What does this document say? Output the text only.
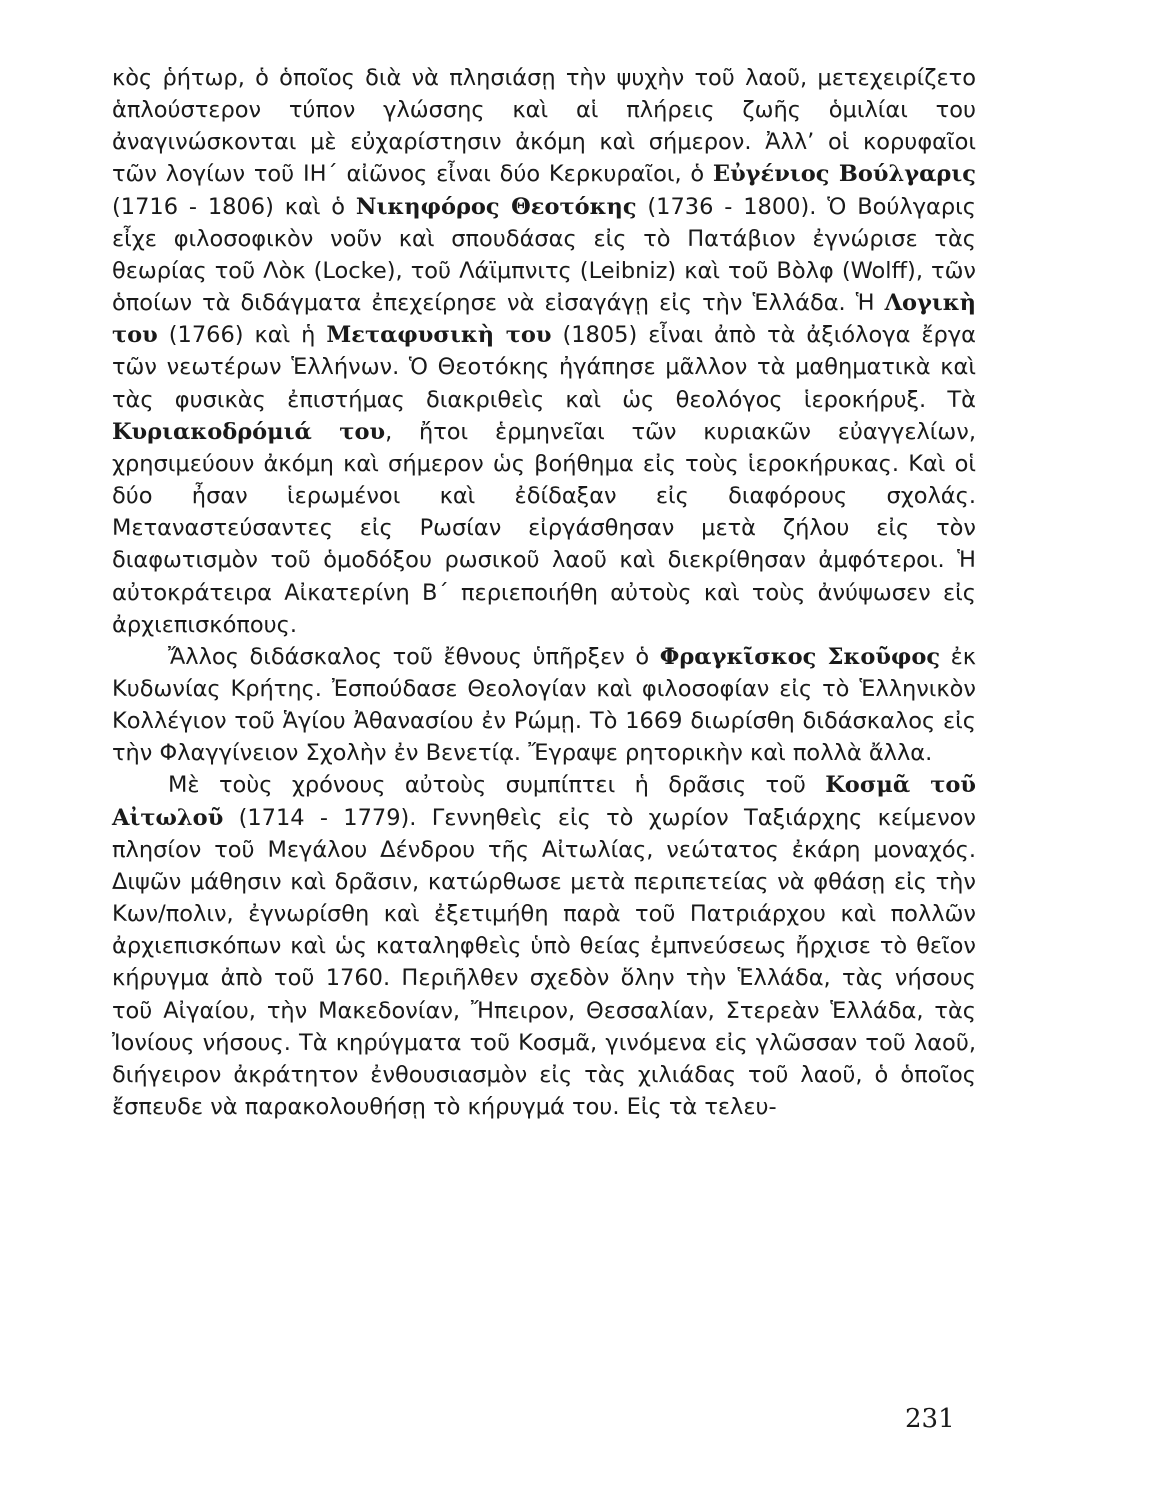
κὸς ῥήτωρ, ὁ ὁποῖος διὰ νὰ πλησιάσῃ τὴν ψυχὴν τοῦ λαοῦ, μετεχειρίζετο ἁπλούστερον τύπον γλώσσης καὶ αἱ πλήρεις ζωῆς ὁμιλίαι του ἀναγινώσκονται μὲ εὐχαρίστησιν ἀκόμη καὶ σήμερον. Ἀλλ’ οἱ κορυφαῖοι τῶν λογίων τοῦ ΙΗ΄ αἰῶνος εἶναι δύο Κερκυραῖοι, ὁ Εὐγένιος Βούλγαρις (1716 - 1806) καὶ ὁ Νικηφόρος Θεοτόκης (1736 - 1800). Ὁ Βούλγαρις εἶχε φιλοσοφικὸν νοῦν καὶ σπουδάσας εἰς τὸ Πατάβιον ἐγνώρισε τὰς θεωρίας τοῦ Λὸκ (Locke), τοῦ Λάϊμπνιτς (Leibniz) καὶ τοῦ Βὸλφ (Wolff), τῶν ὁποίων τὰ διδάγματα ἐπεχείρησε νὰ εἰσαγάγῃ εἰς τὴν Ἑλλάδα. Ἡ Λογικὴ του (1766) καὶ ἡ Μεταφυσικὴ του (1805) εἶναι ἀπὸ τὰ ἀξιόλογα ἔργα τῶν νεωτέρων Ἑλλήνων. Ὁ Θεοτόκης ἠγάπησε μᾶλλον τὰ μαθηματικὰ καὶ τὰς φυσικὰς ἐπιστήμας διακριθεὶς καὶ ὡς θεολόγος ἱεροκήρυξ. Τὰ Κυριακοδρόμιά του, ἤτοι ἑρμηνεῖαι τῶν κυριακῶν εὐαγγελίων, χρησιμεύουν ἀκόμη καὶ σήμερον ὡς βοήθημα εἰς τοὺς ἱεροκήρυκας. Καὶ οἱ δύο ἦσαν ἱερωμένοι καὶ ἐδίδαξαν εἰς διαφόρους σχολάς. Μεταναστεύσαντες εἰς Ρωσίαν εἰργάσθησαν μετὰ ζήλου εἰς τὸν διαφωτισμὸν τοῦ ὁμοδόξου ρωσικοῦ λαοῦ καὶ διεκρίθησαν ἀμφότεροι. Ἡ αὐτοκράτειρα Αἰκατερίνη Β΄ περιεποιήθη αὐτοὺς καὶ τοὺς ἀνύψωσεν εἰς ἀρχιεπισκόπους.

Ἄλλος διδάσκαλος τοῦ ἔθνους ὑπῆρξεν ὁ Φραγκῖσκος Σκοῦφος ἐκ Κυδωνίας Κρήτης. Ἐσπούδασε Θεολογίαν καὶ φιλοσοφίαν εἰς τὸ Ἑλληνικὸν Κολλέγιον τοῦ Ἁγίου Ἀθανασίου ἐν Ρώμῃ. Τὸ 1669 διωρίσθη διδάσκαλος εἰς τὴν Φλαγγίνειον Σχολὴν ἐν Βενετίᾳ. Ἔγραψε ρητορικὴν καὶ πολλὰ ἄλλα.

Μὲ τοὺς χρόνους αὐτοὺς συμπίπτει ἡ δρᾶσις τοῦ Κοσμᾶ τοῦ Αἰτωλοῦ (1714 - 1779). Γεννηθεὶς εἰς τὸ χωρίον Ταξιάρχης κείμενον πλησίον τοῦ Μεγάλου Δένδρου τῆς Αἰτωλίας, νεώτατος ἐκάρη μοναχός. Διψῶν μάθησιν καὶ δρᾶσιν, κατώρθωσε μετὰ περιπετείας νὰ φθάσῃ εἰς τὴν Κων/πολιν, ἐγνωρίσθη καὶ ἐξετιμήθη παρὰ τοῦ Πατριάρχου καὶ πολλῶν ἀρχιεπισκόπων καὶ ὡς καταληφθεὶς ὑπὸ θείας ἐμπνεύσεως ἤρχισε τὸ θεῖον κήρυγμα ἀπὸ τοῦ 1760. Περιῆλθεν σχεδὸν ὅλην τὴν Ἑλλάδα, τὰς νήσους τοῦ Αἰγαίου, τὴν Μακεδονίαν, Ἤπειρον, Θεσσαλίαν, Στερεὰν Ἑλλάδα, τὰς Ἰονίους νήσους. Τὰ κηρύγματα τοῦ Κοσμᾶ, γινόμενα εἰς γλῶσσαν τοῦ λαοῦ, διήγειρον ἀκράτητον ἐνθουσιασμὸν εἰς τὰς χιλιάδας τοῦ λαοῦ, ὁ ὁποῖος ἔσπευδε νὰ παρακολουθήσῃ τὸ κήρυγμά του. Εἰς τὰ τελευ-

231
